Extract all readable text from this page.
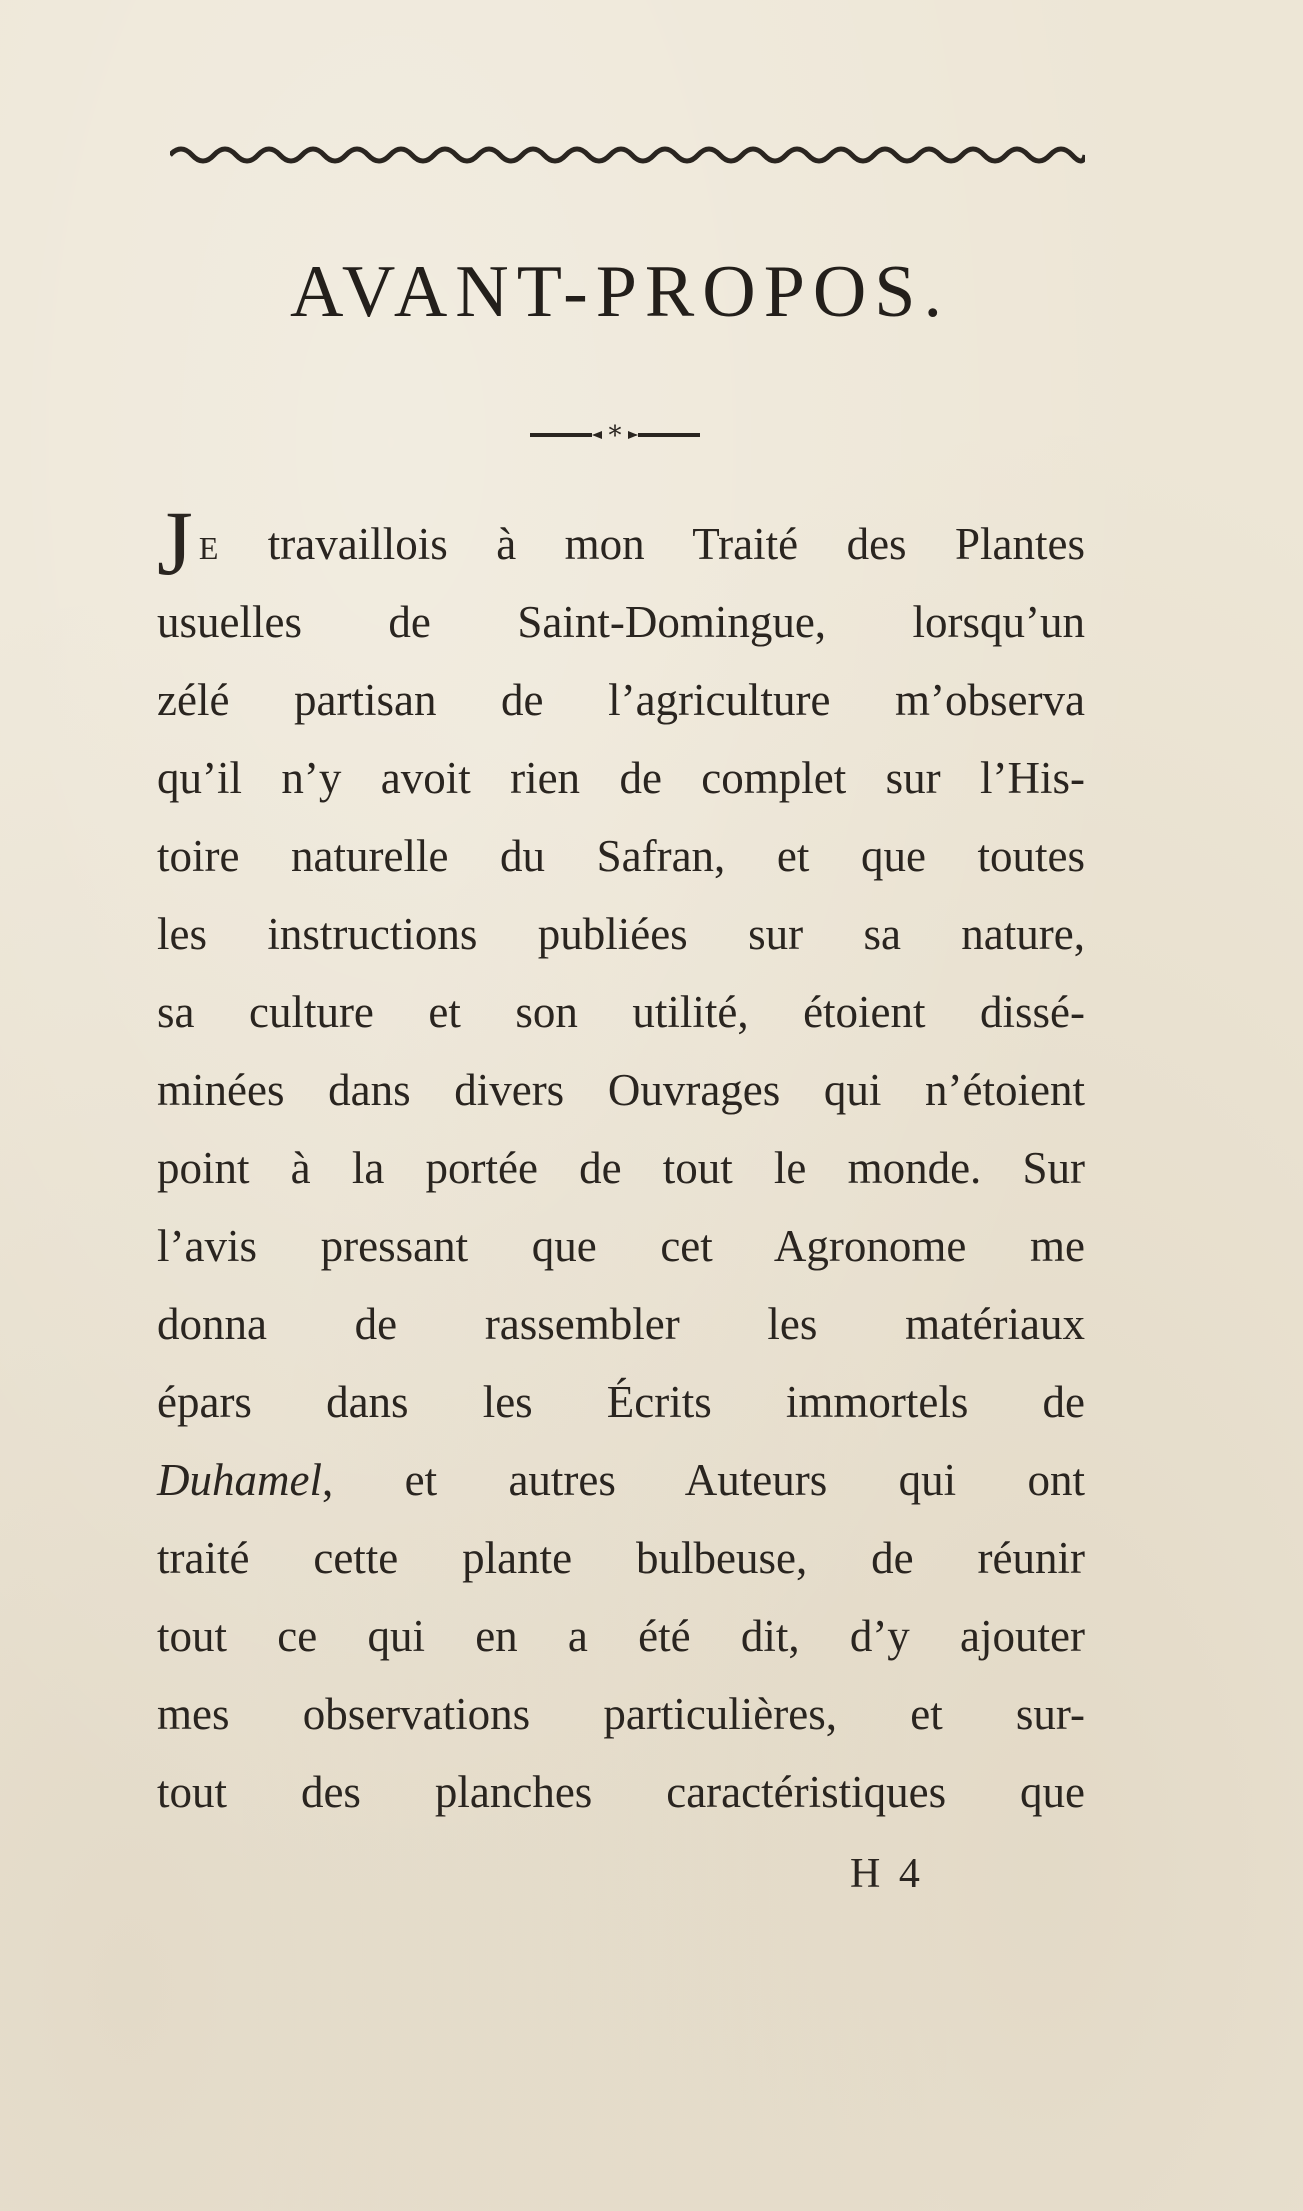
AVANT-PROPOS.
*
J E travaillois à mon Traité des Plantes
usuelles de Saint-Domingue, lorsqu’un
zélé partisan de l’agriculture m’observa
qu’il n’y avoit rien de complet sur l’His-
toire naturelle du Safran, et que toutes
les instructions publiées sur sa nature,
sa culture et son utilité, étoient dissé-
minées dans divers Ouvrages qui n’étoient
point à la portée de tout le monde. Sur
l’avis pressant que cet Agronome me
donna de rassembler les matériaux
épars dans les Écrits immortels de
Duhamel, et autres Auteurs qui ont
traité cette plante bulbeuse, de réunir
tout ce qui en a été dit, d’y ajouter
mes observations particulières, et sur-
tout des planches caractéristiques que
H 4
